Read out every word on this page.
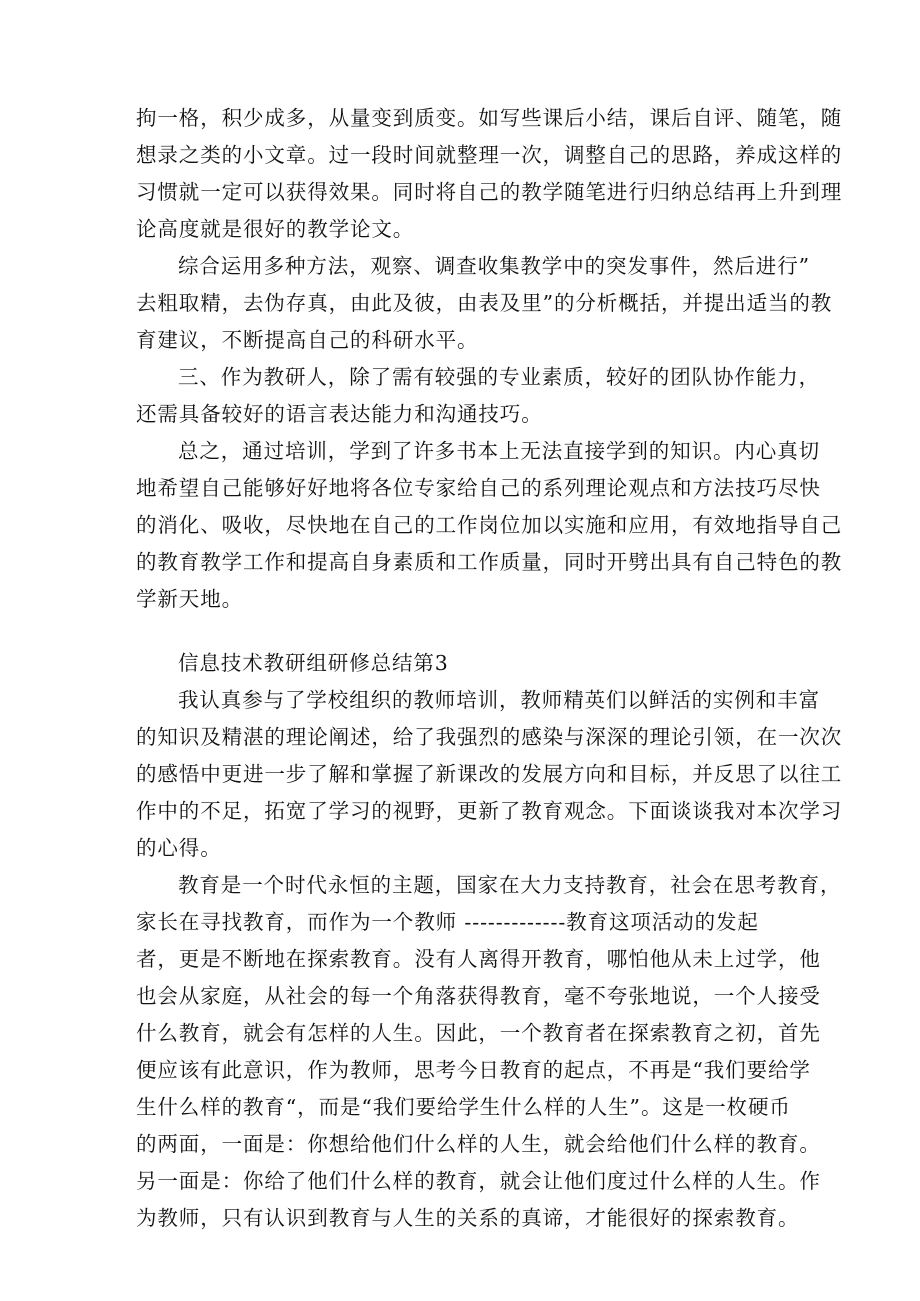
拘一格，积少成多，从量变到质变。如写些课后小结，课后自评、随笔，随

想录之类的小文章。过一段时间就整理一次，调整自己的思路，养成这样的

习惯就一定可以获得效果。同时将自己的教学随笔进行归纳总结再上升到理

论高度就是很好的教学论文。

综合运用多种方法，观察、调查收集教学中的突发事件，然后进行”

去粗取精，去伪存真，由此及彼，由表及里”的分析概括，并提出适当的教

育建议，不断提高自己的科研水平。

三、作为教研人，除了需有较强的专业素质，较好的团队协作能力，

还需具备较好的语言表达能力和沟通技巧。

总之，通过培训，学到了许多书本上无法直接学到的知识。内心真切

地希望自己能够好好地将各位专家给自己的系列理论观点和方法技巧尽快

的消化、吸收，尽快地在自己的工作岗位加以实施和应用，有效地指导自己

的教育教学工作和提高自身素质和工作质量，同时开劈出具有自己特色的教

学新天地。

信息技术教研组研修总结第3

我认真参与了学校组织的教师培训，教师精英们以鲜活的实例和丰富

的知识及精湛的理论阐述，给了我强烈的感染与深深的理论引领，在一次次

的感悟中更进一步了解和掌握了新课改的发展方向和目标，并反思了以往工

作中的不足，拓宽了学习的视野，更新了教育观念。下面谈谈我对本次学习

的心得。

教育是一个时代永恒的主题，国家在大力支持教育，社会在思考教育，

家长在寻找教育，而作为一个教师 -------------教育这项活动的发起

者，更是不断地在探索教育。没有人离得开教育，哪怕他从未上过学，他

也会从家庭，从社会的每一个角落获得教育，毫不夸张地说，一个人接受

什么教育，就会有怎样的人生。因此，一个教育者在探索教育之初，首先

便应该有此意识，作为教师，思考今日教育的起点，不再是“我们要给学

生什么样的教育“，而是“我们要给学生什么样的人生”。这是一枚硬币

的两面，一面是：你想给他们什么样的人生，就会给他们什么样的教育。

另一面是：你给了他们什么样的教育，就会让他们度过什么样的人生。作

为教师，只有认识到教育与人生的关系的真谛，才能很好的探索教育。
